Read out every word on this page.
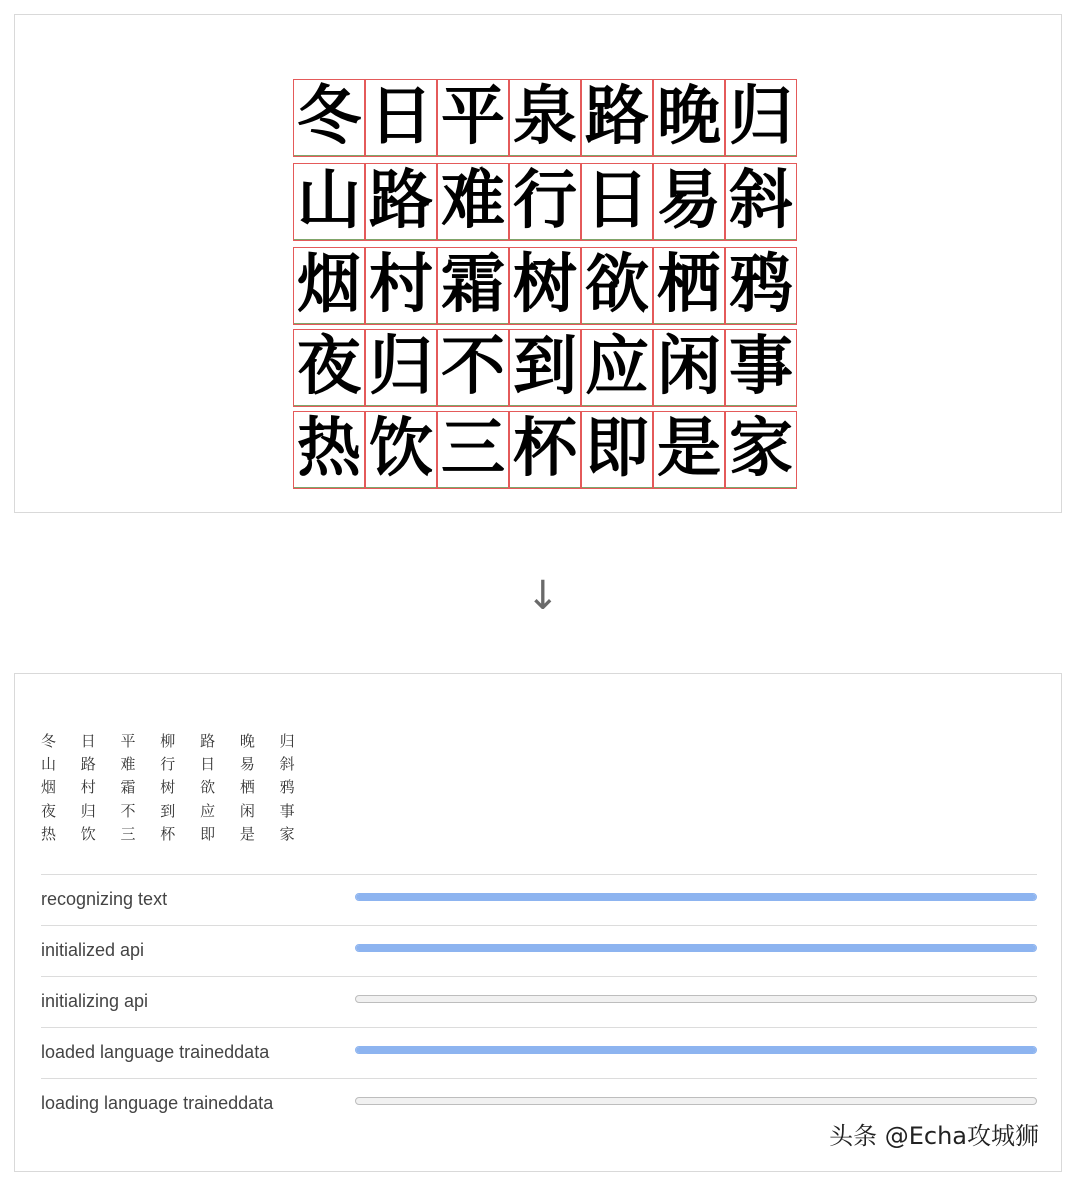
冬 日 平 泉 路 晚 归
山 路 难 行 日 易 斜
烟 村 霜 树 欲 栖 鸦
夜 归 不 到 应 闲 事
热 饮 三 杯 即 是 家
↓
冬 日 平 柳 路 晚 归
山 路 难 行 日 易 斜
烟 村 霜 树 欲 栖 鸦
夜 归 不 到 应 闲 事
热 饮 三 杯 即 是 家
recognizing text
initialized api
initializing api
loaded language traineddata
loading language traineddata
头条 @Echa攻城狮
